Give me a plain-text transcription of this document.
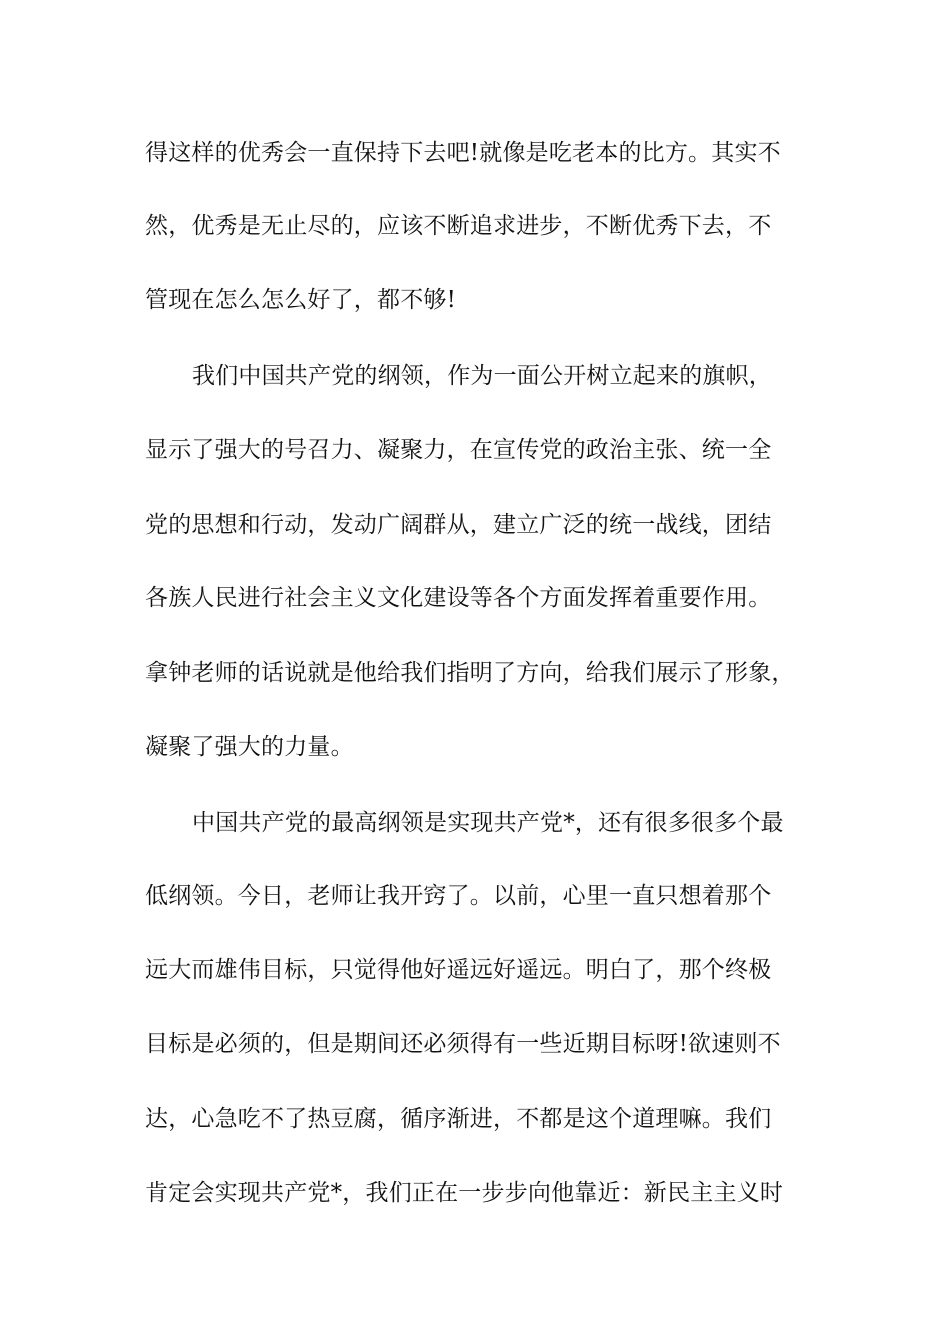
得这样的优秀会一直保持下去吧!就像是吃老本的比方。其实不
然，优秀是无止尽的，应该不断追求进步，不断优秀下去，不
管现在怎么怎么好了，都不够!
我们中国共产党的纲领，作为一面公开树立起来的旗帜，
显示了强大的号召力、凝聚力，在宣传党的政治主张、统一全
党的思想和行动，发动广阔群从，建立广泛的统一战线，团结
各族人民进行社会主义文化建设等各个方面发挥着重要作用。
拿钟老师的话说就是他给我们指明了方向，给我们展示了形象，
凝聚了强大的力量。
中国共产党的最高纲领是实现共产党*，还有很多很多个最
低纲领。今日，老师让我开窍了。以前，心里一直只想着那个
远大而雄伟目标，只觉得他好遥远好遥远。明白了，那个终极
目标是必须的，但是期间还必须得有一些近期目标呀!欲速则不
达，心急吃不了热豆腐，循序渐进，不都是这个道理嘛。我们
肯定会实现共产党*，我们正在一步步向他靠近：新民主主义时
